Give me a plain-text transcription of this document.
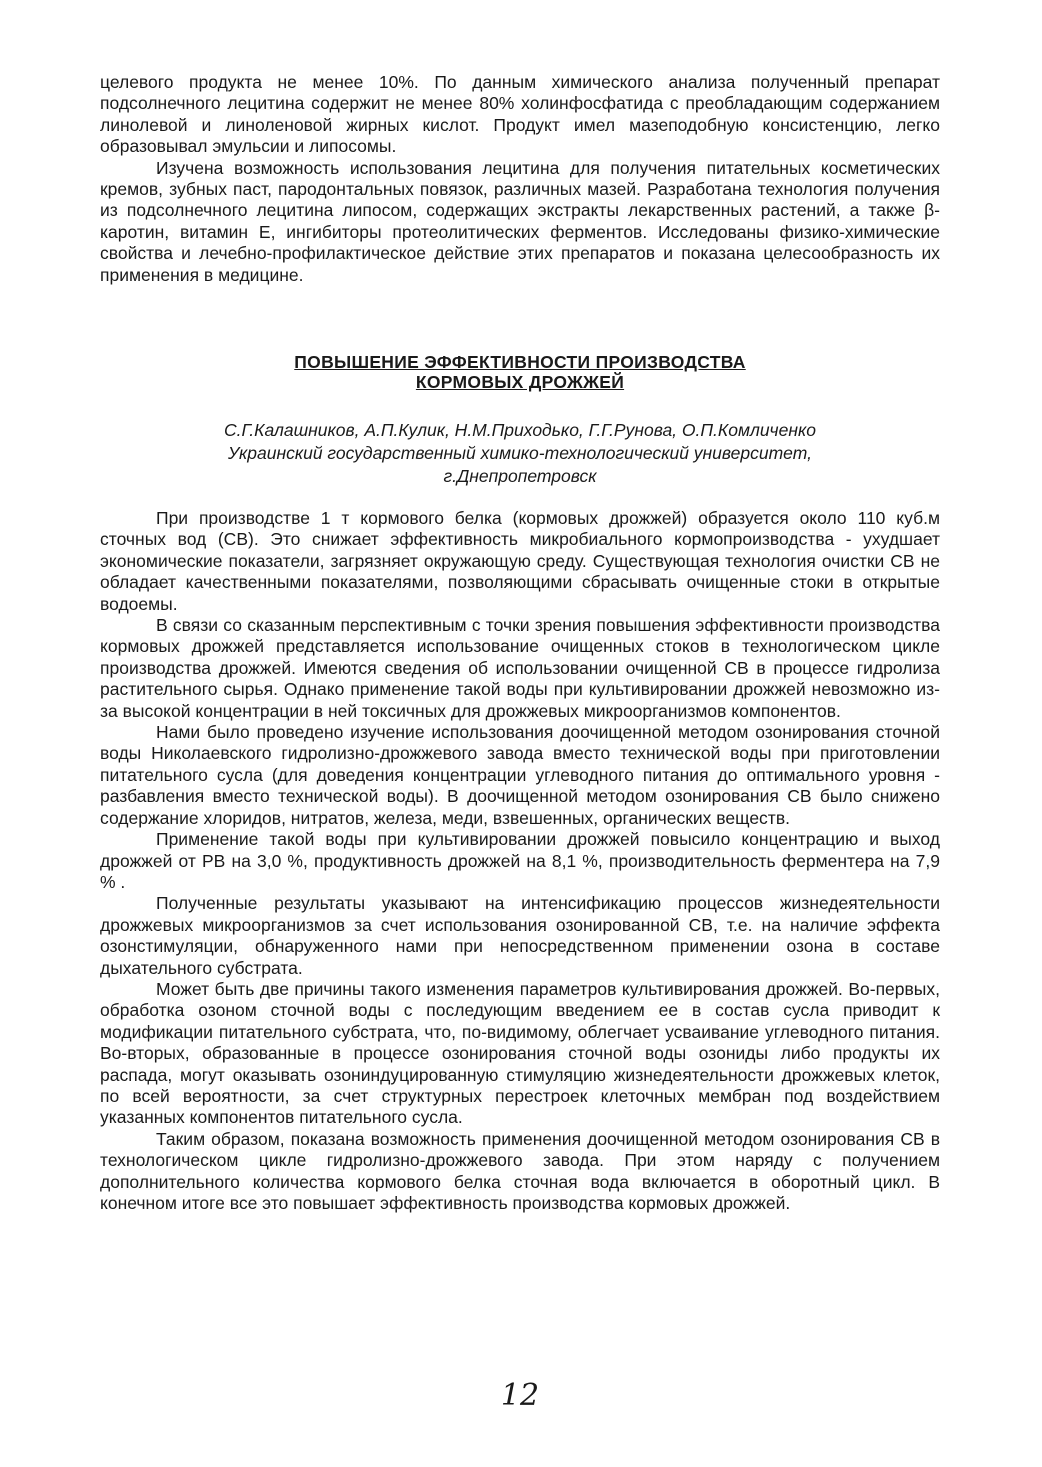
целевого продукта не менее 10%. По данным химического анализа полученный препарат подсолнечного лецитина содержит не менее 80% холинфосфатида с преобладающим содержанием линолевой и линоленовой жирных кислот. Продукт имел мазеподобную консистенцию, легко образовывал эмульсии и липосомы.

Изучена возможность использования лецитина для получения питательных косметических кремов, зубных паст, пародонтальных повязок, различных мазей. Разработана технология получения из подсолнечного лецитина липосом, содержащих экстракты лекарственных растений, а также β-каротин, витамин Е, ингибиторы протеолитических ферментов. Исследованы физико-химические свойства и лечебно-профилактическое действие этих препаратов и показана целесообразность их применения в медицине.

ПОВЫШЕНИЕ ЭФФЕКТИВНОСТИ ПРОИЗВОДСТВА
КОРМОВЫХ ДРОЖЖЕЙ
С.Г.Калашников, А.П.Кулик, Н.М.Приходько, Г.Г.Рунова, О.П.Комличенко
Украинский государственный химико-технологический университет,
г.Днепропетровск

При производстве 1 т кормового белка (кормовых дрожжей) образуется около 110 куб.м сточных вод (СВ). Это снижает эффективность микробиального кормопроизводства - ухудшает экономические показатели, загрязняет окружающую среду. Существующая технология очистки СВ не обладает качественными показателями, позволяющими сбрасывать очищенные стоки в открытые водоемы.

В связи со сказанным перспективным с точки зрения повышения эффективности производства кормовых дрожжей представляется использование очищенных стоков в технологическом цикле производства дрожжей. Имеются сведения об использовании очищенной СВ в процессе гидролиза растительного сырья. Однако применение такой воды при культивировании дрожжей невозможно из-за высокой концентрации в ней токсичных для дрожжевых микроорганизмов компонентов.

Нами было проведено изучение использования доочищенной методом озонирования сточной воды Николаевского гидролизно-дрожжевого завода вместо технической воды при приготовлении питательного сусла (для доведения концентрации углеводного питания до оптимального уровня - разбавления вместо технической воды). В доочищенной методом озонирования СВ было снижено содержание хлоридов, нитратов, железа, меди, взвешенных, органических веществ.

Применение такой воды при культивировании дрожжей повысило концентрацию и выход дрожжей от РВ на 3,0 %, продуктивность дрожжей на 8,1 %, производительность ферментера на 7,9 % .

Полученные результаты указывают на интенсификацию процессов жизнедеятельности дрожжевых микроорганизмов за счет использования озонированной СВ, т.е. на наличие эффекта озонстимуляции, обнаруженного нами при непосредственном применении озона в составе дыхательного субстрата.

Может быть две причины такого изменения параметров культивирования дрожжей. Во-первых, обработка озоном сточной воды с последующим введением ее в состав сусла приводит к модификации питательного субстрата, что, по-видимому, облегчает усваивание углеводного питания. Во-вторых, образованные в процессе озонирования сточной воды озониды либо продукты их распада, могут оказывать озониндуцированную стимуляцию жизнедеятельности дрожжевых клеток, по всей вероятности, за счет структурных перестроек клеточных мембран под воздействием указанных компонентов питательного сусла.

Таким образом, показана возможность применения доочищенной методом озонирования СВ в технологическом цикле гидролизно-дрожжевого завода. При этом наряду с получением дополнительного количества кормового белка сточная вода включается в оборотный цикл. В конечном итоге все это повышает эффективность производства кормовых дрожжей.

12
